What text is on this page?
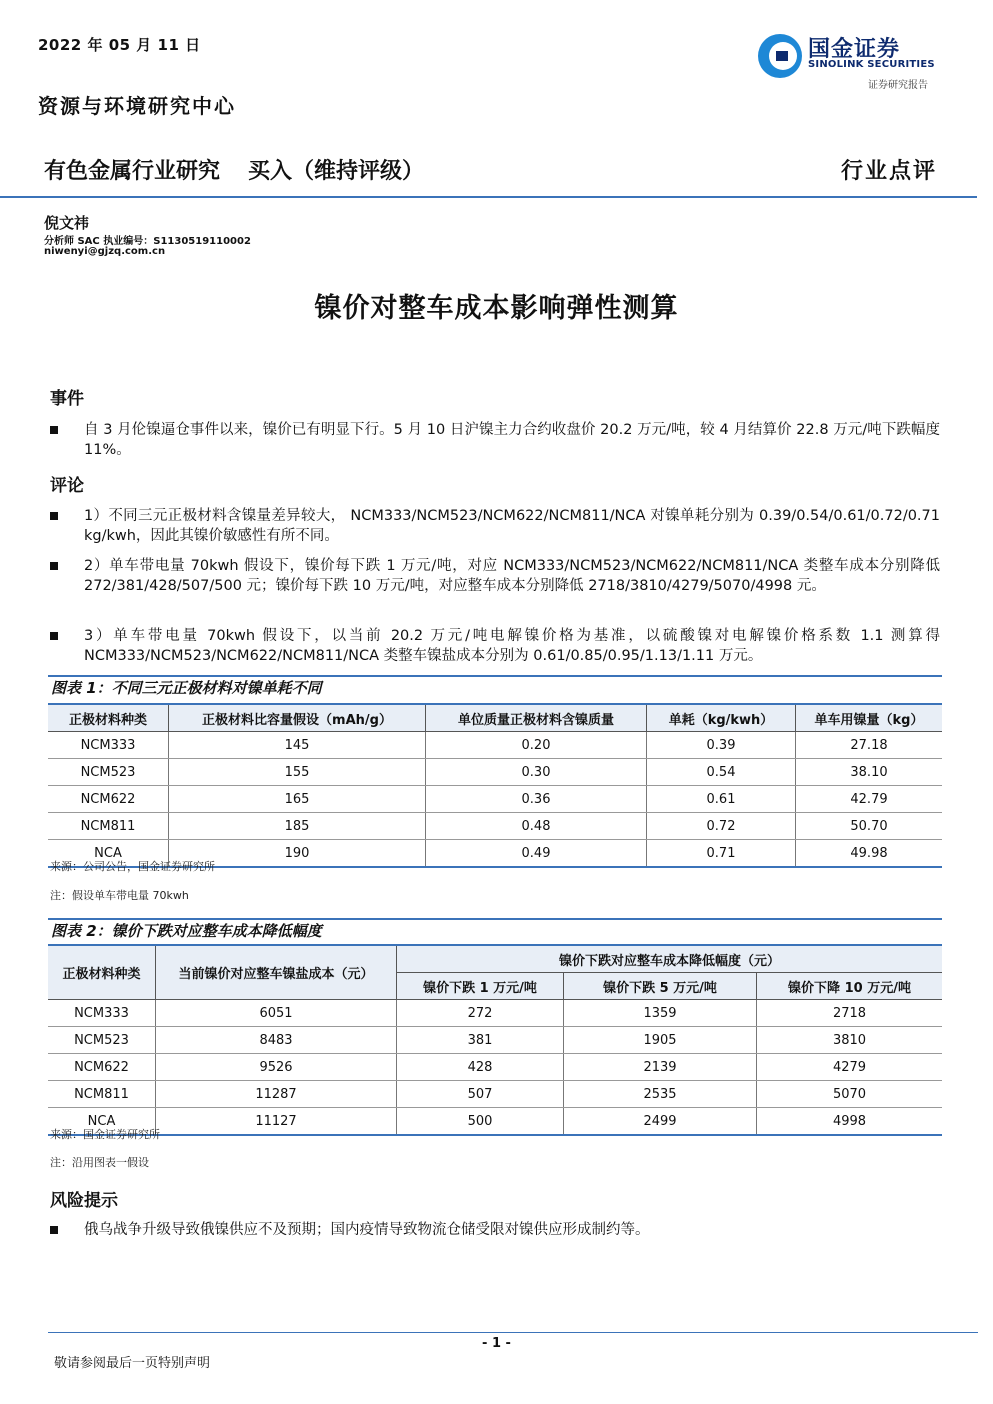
2022 年 05 月 11 日
资源与环境研究中心
国金证券
SINOLINK SECURITIES
证券研究报告
有色金属行业研究 买入（维持评级）	行业点评
倪文祎
分析师 SAC 执业编号：S1130519110002
niwenyi@gjzq.com.cn
镍价对整车成本影响弹性测算
事件
自 3 月伦镍逼仓事件以来，镍价已有明显下行。5 月 10 日沪镍主力合约收盘价 20.2 万元/吨，较 4 月结算价 22.8 万元/吨下跌幅度 11%。
评论
1）不同三元正极材料含镍量差异较大， NCM333/NCM523/NCM622/NCM811/NCA 对镍单耗分别为 0.39/0.54/0.61/0.72/0.71 kg/kwh，因此其镍价敏感性有所不同。
2）单车带电量 70kwh 假设下，镍价每下跌 1 万元/吨，对应 NCM333/NCM523/NCM622/NCM811/NCA 类整车成本分别降低 272/381/428/507/500 元；镍价每下跌 10 万元/吨，对应整车成本分别降低 2718/3810/4279/5070/4998 元。
3）单车带电量 70kwh 假设下，以当前 20.2 万元/吨电解镍价格为基准，以硫酸镍对电解镍价格系数 1.1 测算得 NCM333/NCM523/NCM622/NCM811/NCA 类整车镍盐成本分别为 0.61/0.85/0.95/1.13/1.11 万元。
图表 1：不同三元正极材料对镍单耗不同
正极材料种类	正极材料比容量假设（mAh/g）	单位质量正极材料含镍质量	单耗（kg/kwh）	单车用镍量（kg）
NCM333	145	0.20	0.39	27.18
NCM523	155	0.30	0.54	38.10
NCM622	165	0.36	0.61	42.79
NCM811	185	0.48	0.72	50.70
NCA	190	0.49	0.71	49.98
来源：公司公告，国金证券研究所
注：假设单车带电量 70kwh
图表 2：镍价下跌对应整车成本降低幅度
正极材料种类	当前镍价对应整车镍盐成本（元）	镍价下跌对应整车成本降低幅度（元）		
		镍价下跌 1 万元/吨	镍价下跌 5 万元/吨	镍价下降 10 万元/吨
NCM333	6051	272	1359	2718
NCM523	8483	381	1905	3810
NCM622	9526	428	2139	4279
NCM811	11287	507	2535	5070
NCA	11127	500	2499	4998
来源：国金证券研究所
注：沿用图表一假设
风险提示
俄乌战争升级导致俄镍供应不及预期；国内疫情导致物流仓储受限对镍供应形成制约等。
- 1 -
敬请参阅最后一页特别声明
